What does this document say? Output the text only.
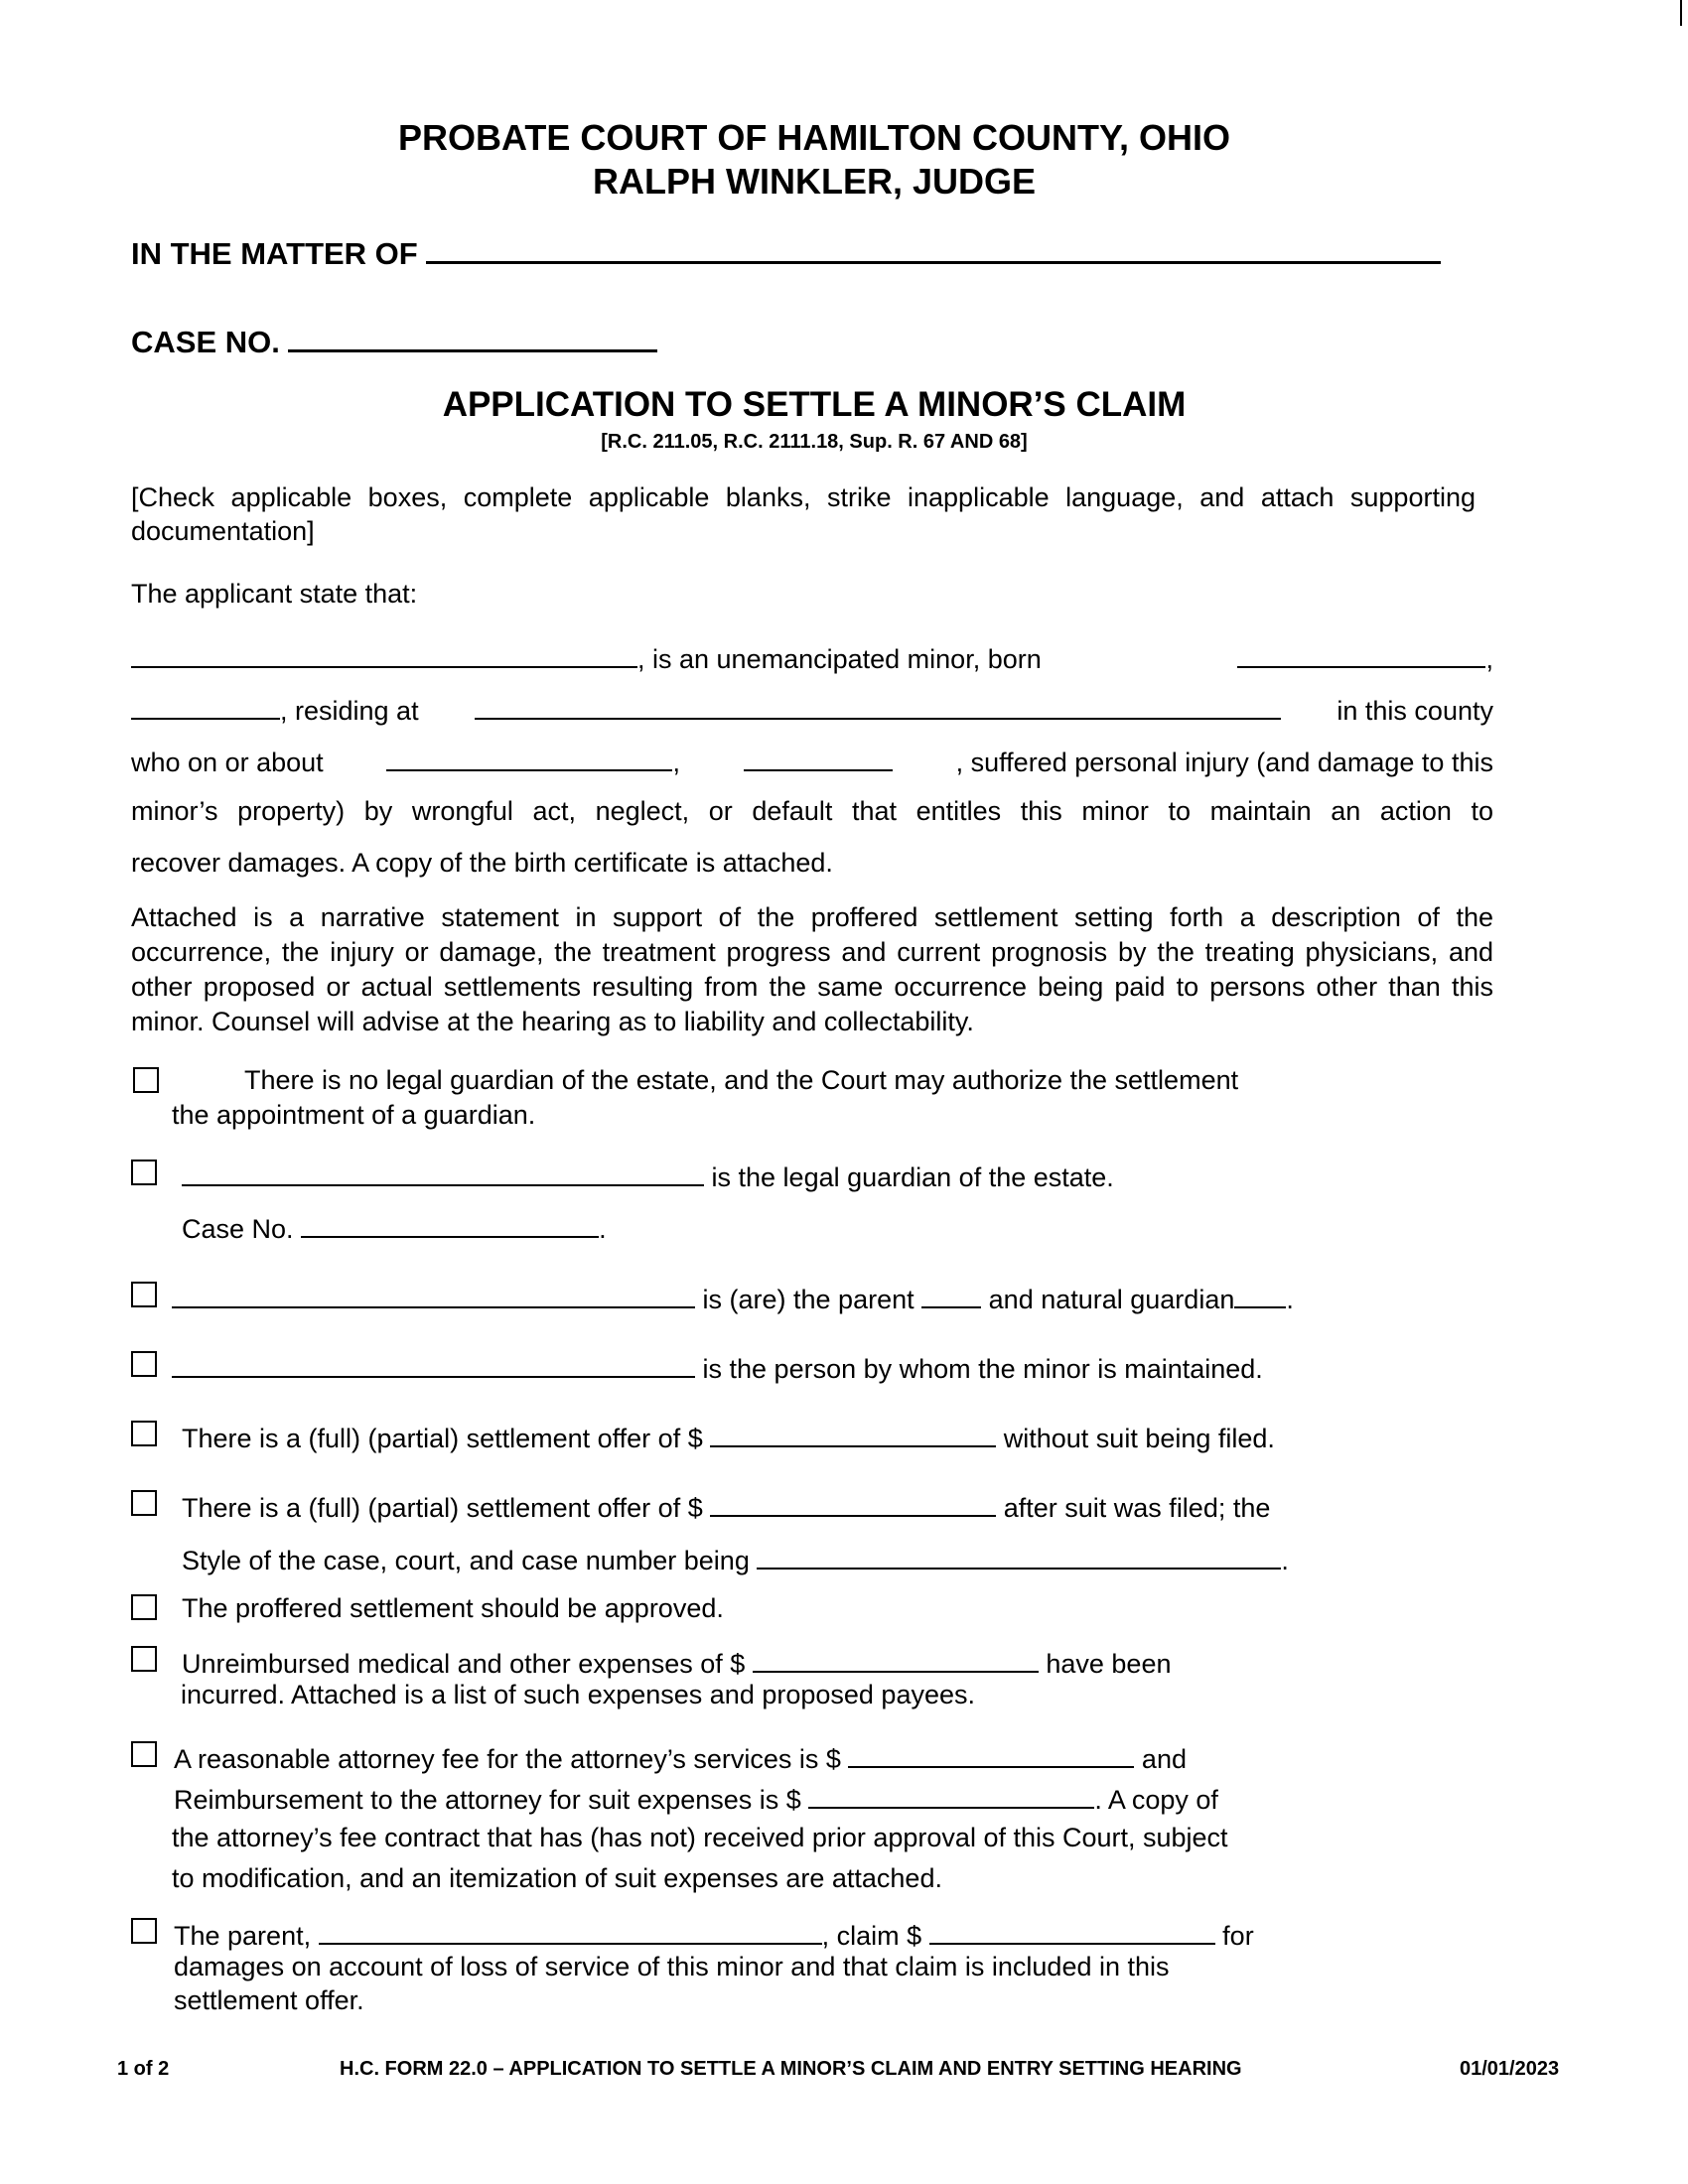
PROBATE COURT OF HAMILTON COUNTY, OHIO
RALPH WINKLER, JUDGE
IN THE MATTER OF
CASE NO.
APPLICATION TO SETTLE A MINOR’S CLAIM
[R.C. 211.05, R.C. 2111.18, Sup. R. 67 AND 68]
[Check applicable boxes, complete applicable blanks, strike inapplicable language, and attach supporting documentation]
The applicant state that:
, is an unemancipated minor, born	,
, residing at	in this county
who on or about	,	, suffered personal injury (and damage to this
minor’s property) by wrongful act, neglect, or default that entitles this minor to maintain an action to
recover damages. A copy of the birth certificate is attached.
Attached is a narrative statement in support of the proffered settlement setting forth a description of the occurrence, the injury or damage, the treatment progress and current prognosis by the treating physicians, and other proposed or actual settlements resulting from the same occurrence being paid to persons other than this minor. Counsel will advise at the hearing as to liability and collectability.
There is no legal guardian of the estate, and the Court may authorize the settlement
the appointment of a guardian.
is the legal guardian of the estate.
Case No.	.
is (are) the parent	and natural guardian .
is the person by whom the minor is maintained.
There is a (full) (partial) settlement offer of $	without suit being filed.
There is a (full) (partial) settlement offer of $	after suit was filed; the
Style of the case, court, and case number being	.
The proffered settlement should be approved.
Unreimbursed medical and other expenses of $	have been
incurred. Attached is a list of such expenses and proposed payees.
A reasonable attorney fee for the attorney’s services is $	and
Reimbursement to the attorney for suit expenses is $	. A copy of
the attorney’s fee contract that has (has not) received prior approval of this Court, subject
to modification, and an itemization of suit expenses are attached.
The parent,	, claim $	for
damages on account of loss of service of this minor and that claim is included in this
settlement offer.
1 of 2	H.C. FORM 22.0 – APPLICATION TO SETTLE A MINOR’S CLAIM AND ENTRY SETTING HEARING	01/01/2023
